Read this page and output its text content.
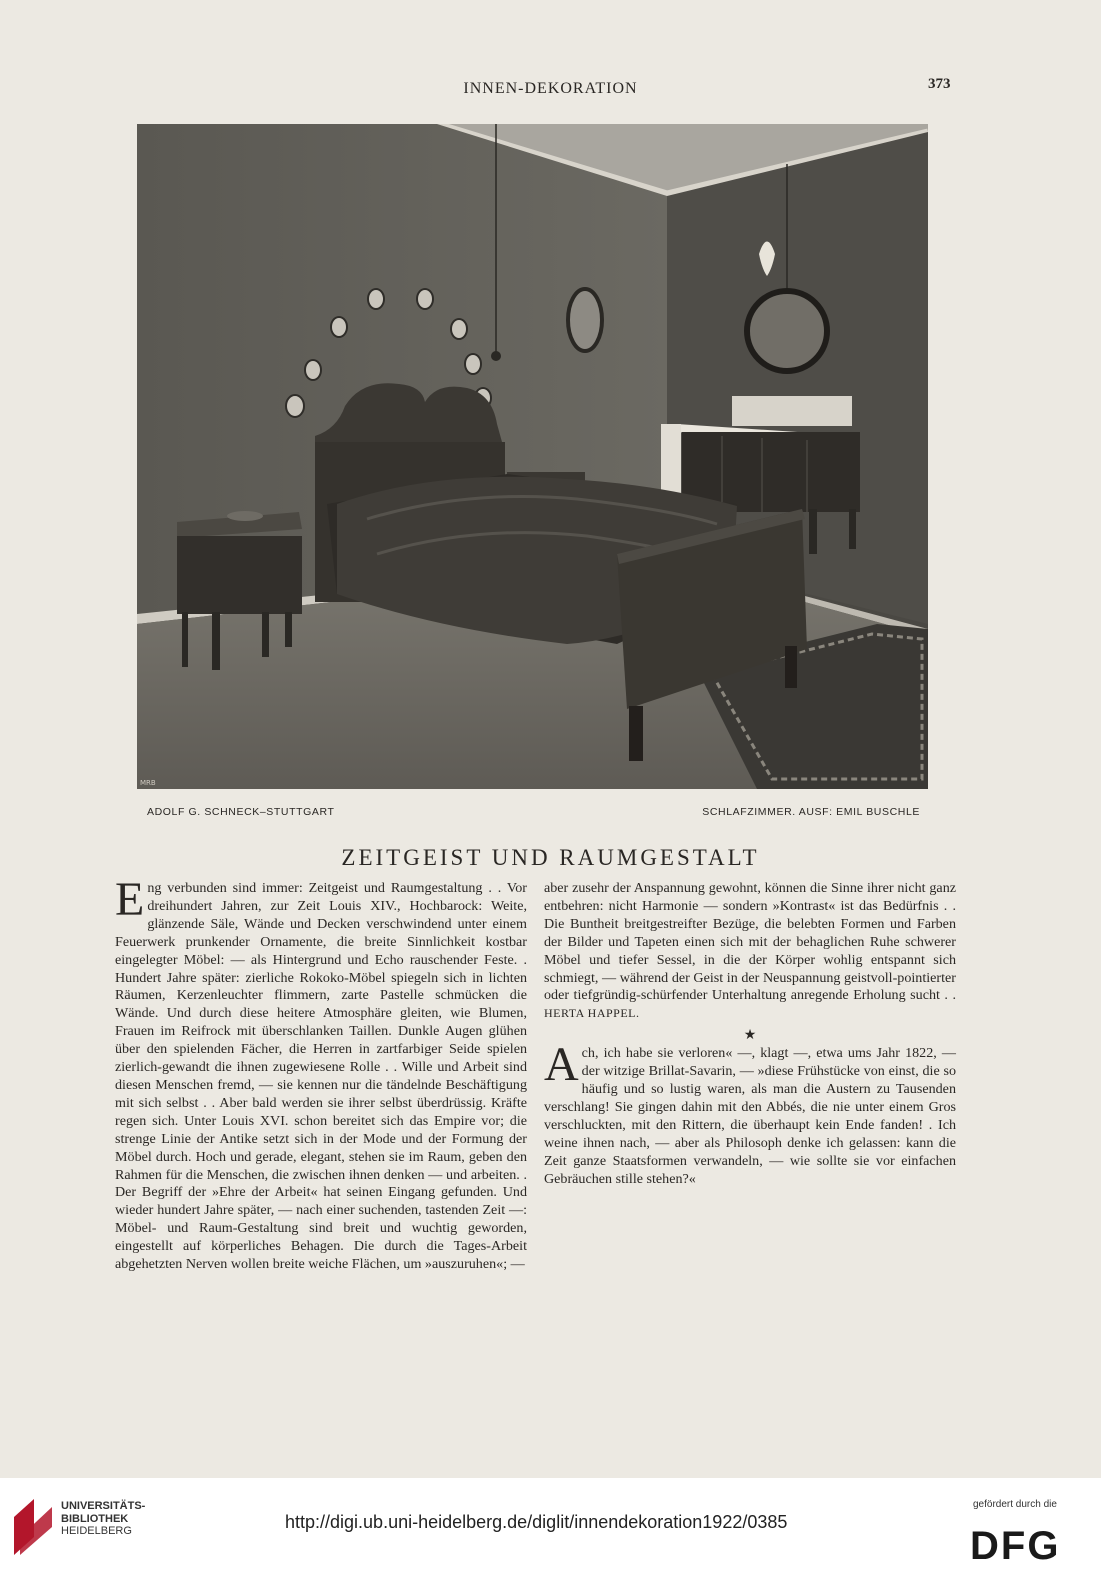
INNEN-DEKORATION	373
MRB
ADOLF G. SCHNECK–STUTTGART	SCHLAFZIMMER. AUSF: EMIL BUSCHLE
ZEITGEIST UND RAUMGESTALT

Eng verbunden sind immer: Zeitgeist und Raumgestaltung . . Vor dreihundert Jahren, zur Zeit Louis XIV., Hochbarock: Weite, glänzende Säle, Wände und Decken verschwindend unter einem Feuerwerk prunkender Ornamente, die breite Sinnlichkeit kostbar eingelegter Möbel: — als Hintergrund und Echo rauschender Feste. . Hundert Jahre später: zierliche Rokoko-Möbel spiegeln sich in lichten Räumen, Kerzenleuchter flimmern, zarte Pastelle schmücken die Wände. Und durch diese heitere Atmosphäre gleiten, wie Blumen, Frauen im Reifrock mit überschlanken Taillen. Dunkle Augen glühen über den spielenden Fächer, die Herren in zartfarbiger Seide spielen zierlich-gewandt die ihnen zugewiesene Rolle . . Wille und Arbeit sind diesen Menschen fremd, — sie kennen nur die tändelnde Beschäftigung mit sich selbst . . Aber bald werden sie ihrer selbst überdrüssig. Kräfte regen sich. Unter Louis XVI. schon bereitet sich das Empire vor; die strenge Linie der Antike setzt sich in der Mode und der Formung der Möbel durch. Hoch und gerade, elegant, stehen sie im Raum, geben den Rahmen für die Menschen, die zwischen ihnen denken — und arbeiten. . Der Begriff der »Ehre der Arbeit« hat seinen Eingang gefunden. Und wieder hundert Jahre später, — nach einer suchenden, tastenden Zeit —: Möbel- und Raum-Gestaltung sind breit und wuchtig geworden, eingestellt auf körperliches Behagen. Die durch die Tages-Arbeit abgehetzten Nerven wollen breite weiche Flächen, um »auszuruhen«; —

aber zusehr der Anspannung gewohnt, können die Sinne ihrer nicht ganz entbehren: nicht Harmonie — sondern »Kontrast« ist das Bedürfnis . . Die Buntheit breitgestreifter Bezüge, die belebten Formen und Farben der Bilder und Tapeten einen sich mit der behaglichen Ruhe schwerer Möbel und tiefer Sessel, in die der Körper wohlig entspannt sich schmiegt, — während der Geist in der Neuspannung geistvoll-pointierter oder tiefgründig-schürfender Unterhaltung anregende Erholung sucht . . HERTA HAPPEL.
★

Ach, ich habe sie verloren« —, klagt —, etwa ums Jahr 1822, — der witzige Brillat-Savarin, — »diese Frühstücke von einst, die so häufig und so lustig waren, als man die Austern zu Tausenden verschlang! Sie gingen dahin mit den Abbés, die nie unter einem Gros verschluckten, mit den Rittern, die überhaupt kein Ende fanden! . Ich weine ihnen nach, — aber als Philosoph denke ich gelassen: kann die Zeit ganze Staatsformen verwandeln, — wie sollte sie vor einfachen Gebräuchen stille stehen?«

UNIVERSITÄTS-
BIBLIOTHEK
HEIDELBERG	http://digi.ub.uni-heidelberg.de/diglit/innendekoration1922/0385
gefördert durch die
DFG
